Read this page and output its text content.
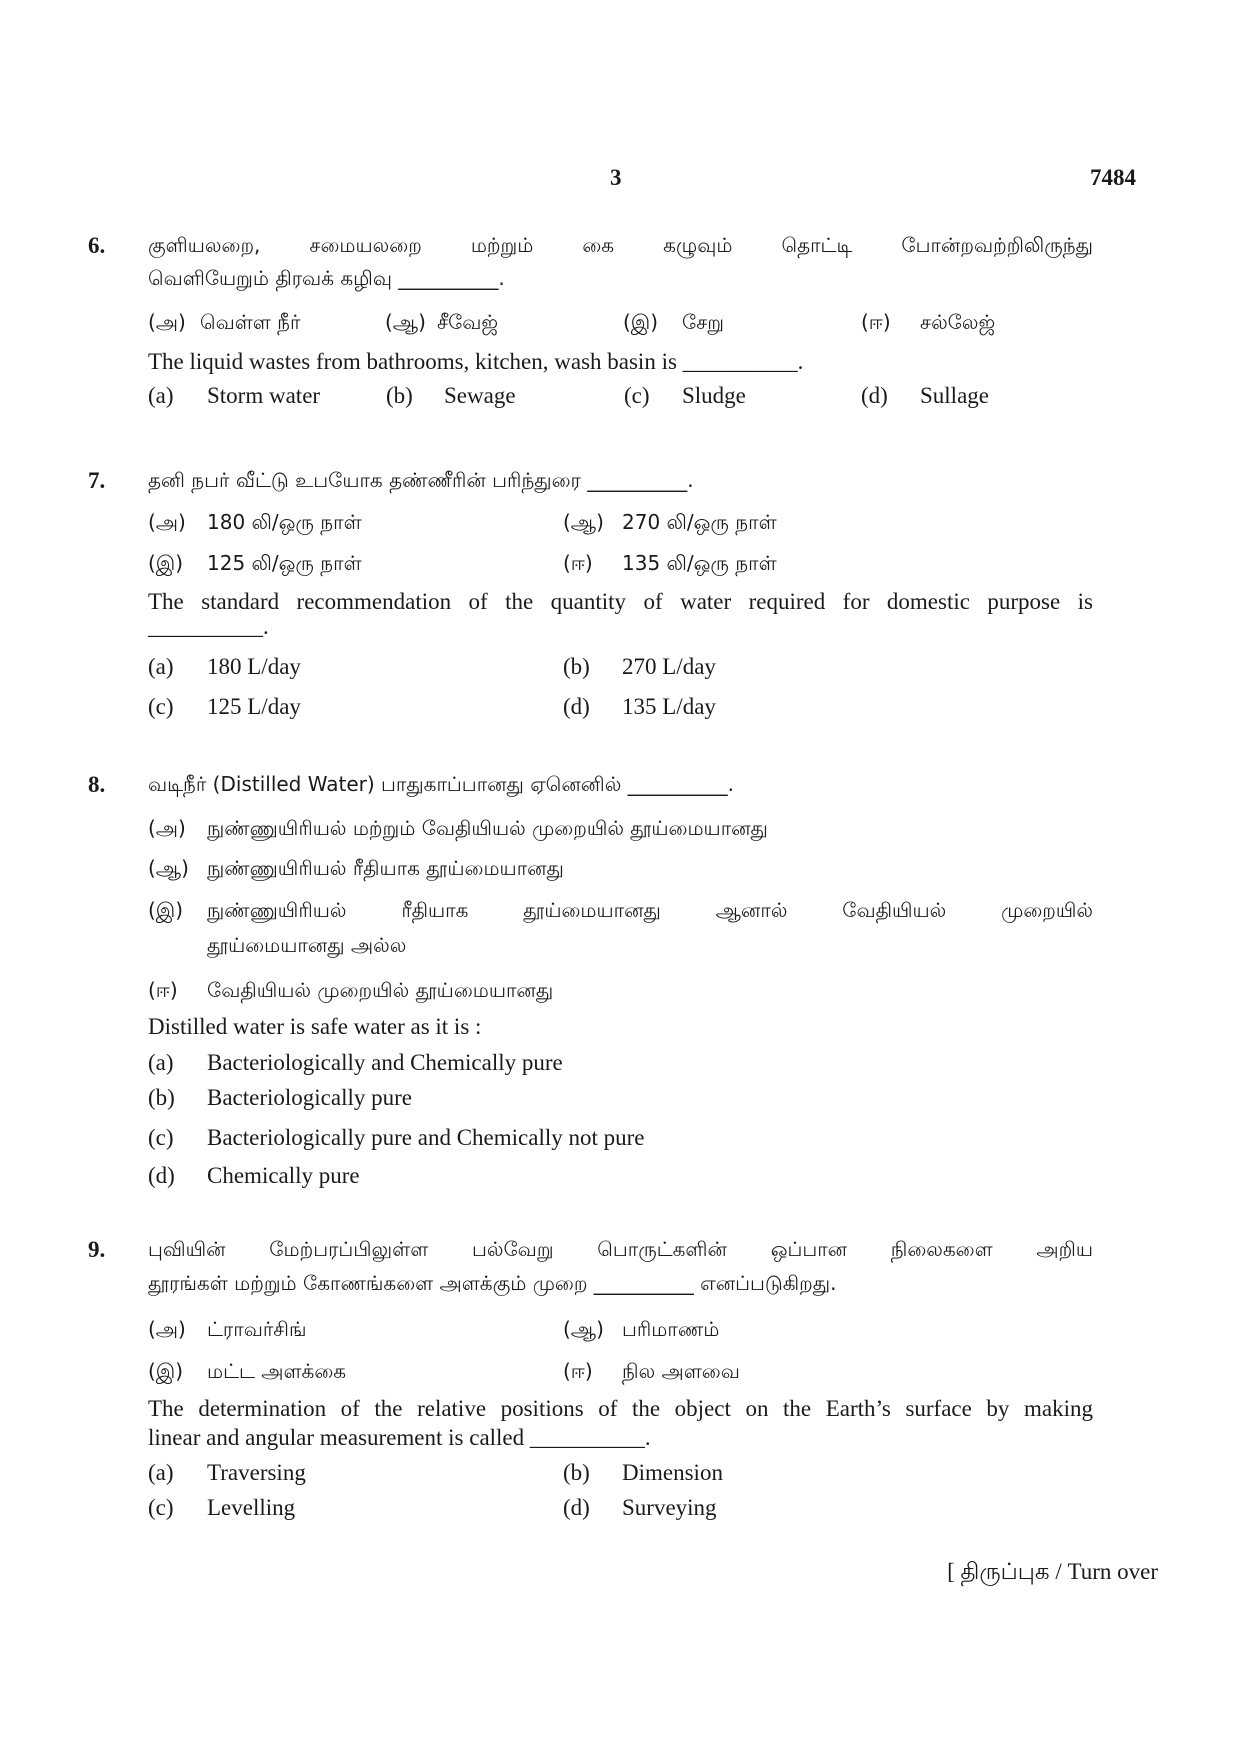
3	7484
6. குளியலறை, சமையலறை மற்றும் கை கழுவும் தொட்டி போன்றவற்றிலிருந்து
வெளியேறும் திரவக் கழிவு __________.
(அ) வெள்ள நீர்	(ஆ) சீவேஜ்	(இ) சேறு	(ஈ) சல்லேஜ்
The liquid wastes from bathrooms, kitchen, wash basin is __________.
(a) Storm water	(b) Sewage	(c) Sludge	(d) Sullage
7. தனி நபர் வீட்டு உபயோக தண்ணீரின் பரிந்துரை __________.
(அ) 180 லி/ஒரு நாள்	(ஆ) 270 லி/ஒரு நாள்
(இ) 125 லி/ஒரு நாள்	(ஈ) 135 லி/ஒரு நாள்
The standard recommendation of the quantity of water required for domestic purpose is
__________.
(a) 180 L/day	(b) 270 L/day
(c) 125 L/day	(d) 135 L/day
8. வடிநீர் (Distilled Water) பாதுகாப்பானது ஏனெனில் __________.
(அ) நுண்ணுயிரியல் மற்றும் வேதியியல் முறையில் தூய்மையானது
(ஆ) நுண்ணுயிரியல் ரீதியாக தூய்மையானது
(இ) நுண்ணுயிரியல் ரீதியாக தூய்மையானது ஆனால் வேதியியல் முறையில்
தூய்மையானது அல்ல
(ஈ) வேதியியல் முறையில் தூய்மையானது
Distilled water is safe water as it is :
(a) Bacteriologically and Chemically pure
(b) Bacteriologically pure
(c) Bacteriologically pure and Chemically not pure
(d) Chemically pure
9. புவியின் மேற்பரப்பிலுள்ள பல்வேறு பொருட்களின் ஒப்பான நிலைகளை அறிய
தூரங்கள் மற்றும் கோணங்களை அளக்கும் முறை __________ எனப்படுகிறது.
(அ) ட்ராவர்சிங்	(ஆ) பரிமாணம்
(இ) மட்ட அளக்கை	(ஈ) நில அளவை
The determination of the relative positions of the object on the Earth’s surface by making
linear and angular measurement is called __________.
(a) Traversing	(b) Dimension
(c) Levelling	(d) Surveying
[ திருப்புக / Turn over
